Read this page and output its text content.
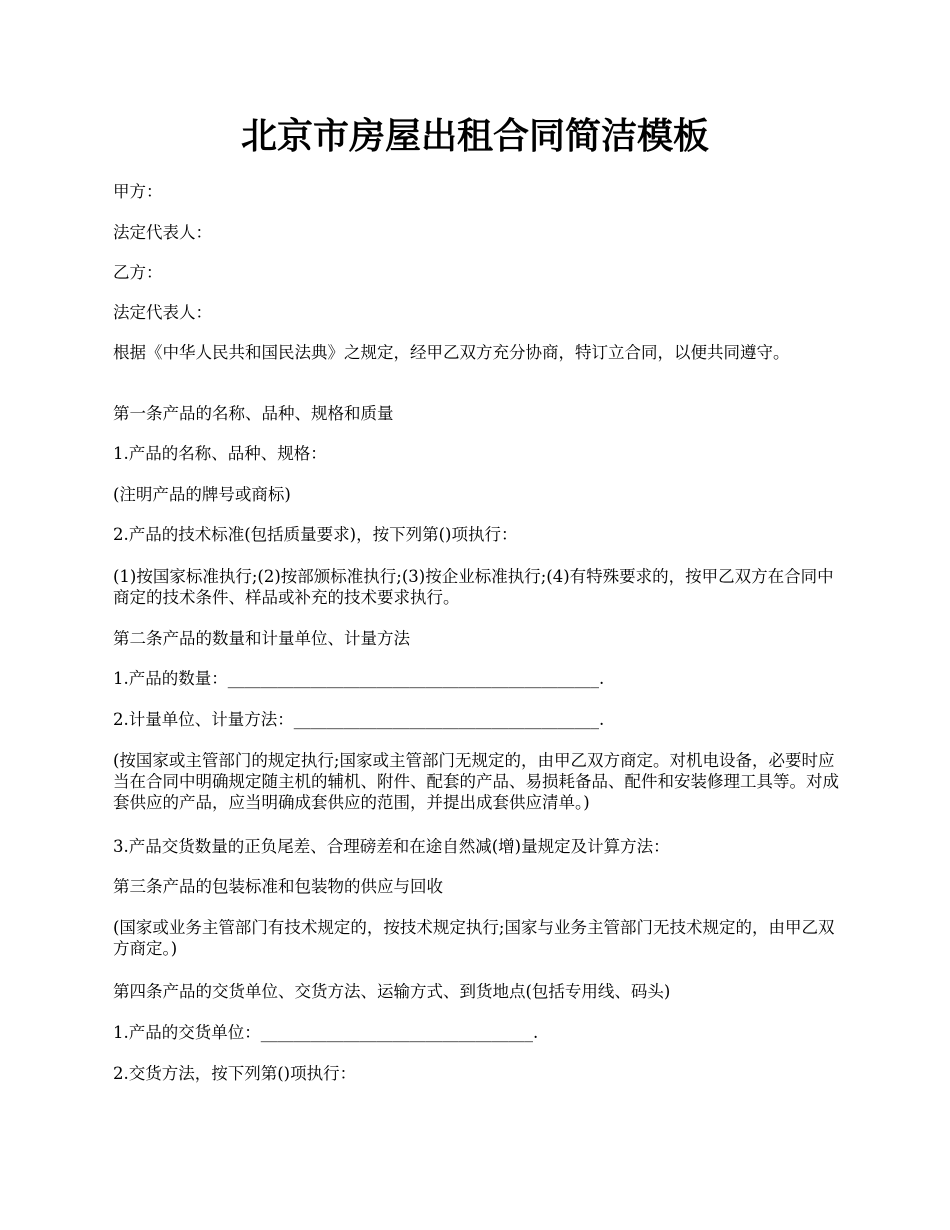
北京市房屋出租合同简洁模板

甲方：

法定代表人：

乙方：

法定代表人：

根据《中华人民共和国民法典》之规定，经甲乙双方充分协商，特订立合同，以便共同遵守。

第一条产品的名称、品种、规格和质量

1.产品的名称、品种、规格：

(注明产品的牌号或商标)

2.产品的技术标准(包括质量要求)，按下列第()项执行：

(1)按国家标准执行;(2)按部颁标准执行;(3)按企业标准执行;(4)有特殊要求的，按甲乙双方在合同中商定的技术条件、样品或补充的技术要求执行。

第二条产品的数量和计量单位、计量方法

1.产品的数量：_____________________________________________.

2.计量单位、计量方法：_____________________________________.

(按国家或主管部门的规定执行;国家或主管部门无规定的，由甲乙双方商定。对机电设备，必要时应当在合同中明确规定随主机的辅机、附件、配套的产品、易损耗备品、配件和安装修理工具等。对成套供应的产品，应当明确成套供应的范围，并提出成套供应清单。)

3.产品交货数量的正负尾差、合理磅差和在途自然减(增)量规定及计算方法：

第三条产品的包装标准和包装物的供应与回收

(国家或业务主管部门有技术规定的，按技术规定执行;国家与业务主管部门无技术规定的，由甲乙双方商定。)

第四条产品的交货单位、交货方法、运输方式、到货地点(包括专用线、码头)

1.产品的交货单位：_________________________________.

2.交货方法，按下列第()项执行：
